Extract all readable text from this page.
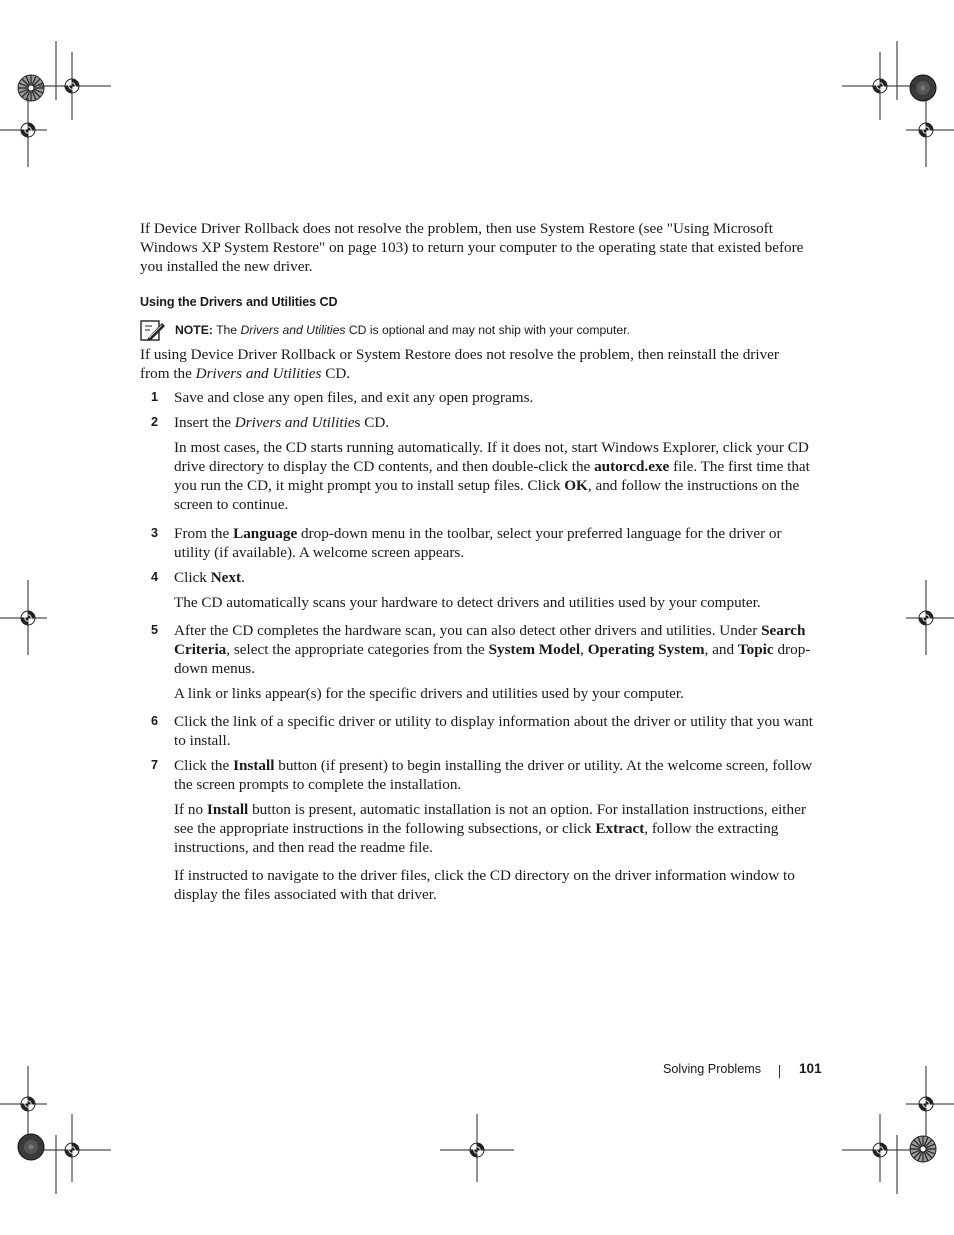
If Device Driver Rollback does not resolve the problem, then use System Restore (see "Using Microsoft Windows XP System Restore" on page 103) to return your computer to the operating state that existed before you installed the new driver.

Using the Drivers and Utilities CD
NOTE: The Drivers and Utilities CD is optional and may not ship with your computer.

If using Device Driver Rollback or System Restore does not resolve the problem, then reinstall the driver from the Drivers and Utilities CD.

1 Save and close any open files, and exit any open programs.

2 Insert the Drivers and Utilities CD.

In most cases, the CD starts running automatically. If it does not, start Windows Explorer, click your CD drive directory to display the CD contents, and then double-click the autorcd.exe file. The first time that you run the CD, it might prompt you to install setup files. Click OK, and follow the instructions on the screen to continue.

3 From the Language drop-down menu in the toolbar, select your preferred language for the driver or utility (if available). A welcome screen appears.

4 Click Next.

The CD automatically scans your hardware to detect drivers and utilities used by your computer.

5 After the CD completes the hardware scan, you can also detect other drivers and utilities. Under Search Criteria, select the appropriate categories from the System Model, Operating System, and Topic drop-down menus.

A link or links appear(s) for the specific drivers and utilities used by your computer.

6 Click the link of a specific driver or utility to display information about the driver or utility that you want to install.

7 Click the Install button (if present) to begin installing the driver or utility. At the welcome screen, follow the screen prompts to complete the installation.

If no Install button is present, automatic installation is not an option. For installation instructions, either see the appropriate instructions in the following subsections, or click Extract, follow the extracting instructions, and then read the readme file.

If instructed to navigate to the driver files, click the CD directory on the driver information window to display the files associated with that driver.

Solving Problems	101
